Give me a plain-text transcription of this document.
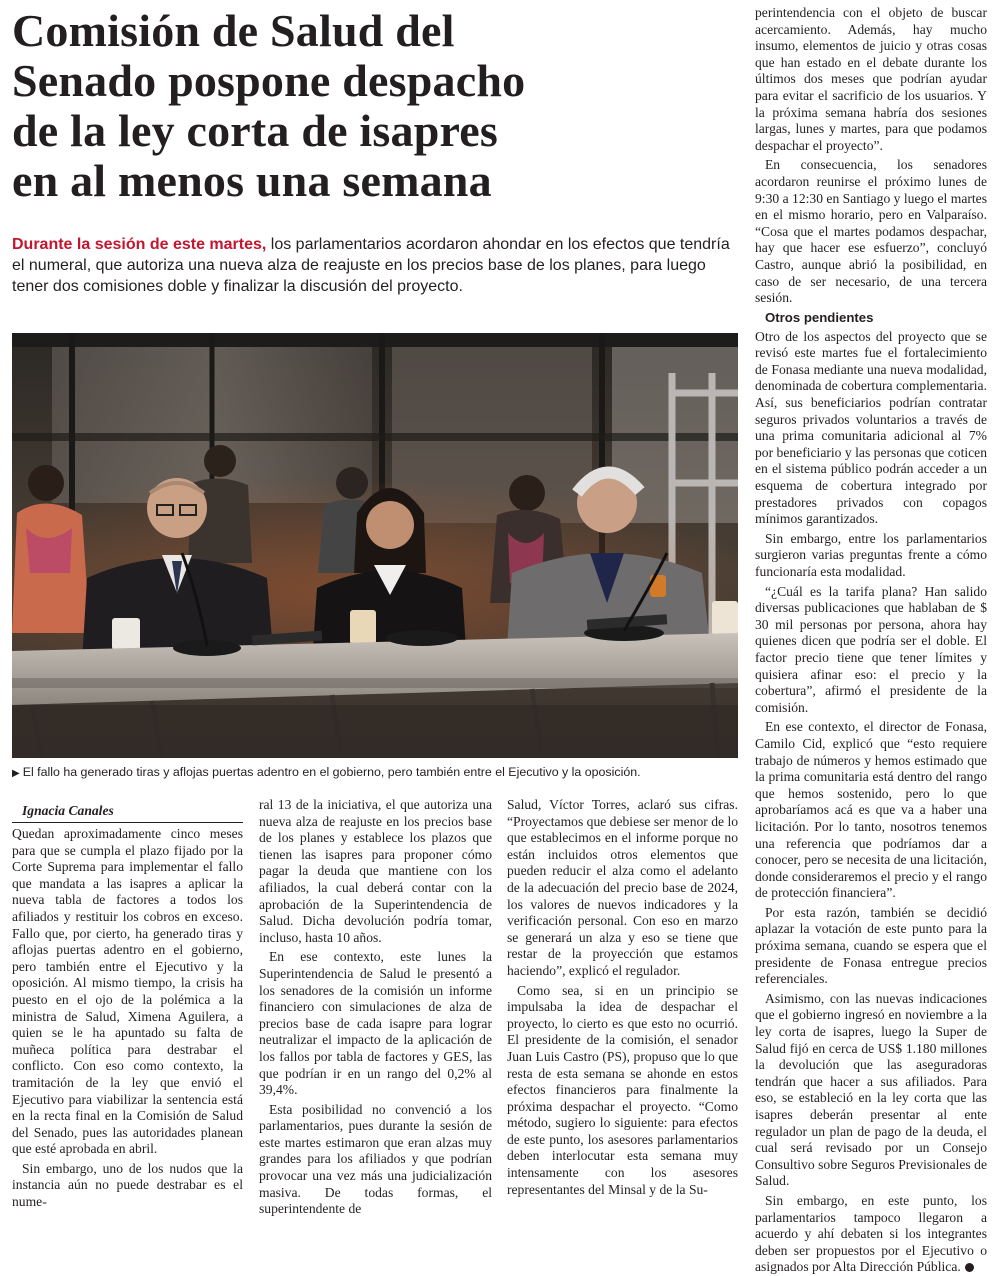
Comisión de Salud del
Senado pospone despacho
de la ley corta de isapres
en al menos una semana

Durante la sesión de este martes, los parlamentarios acordaron ahondar en los efectos que tendría el numeral, que autoriza una nueva alza de reajuste en los precios base de los planes, para luego tener dos comisiones doble y finalizar la discusión del proyecto.

▶ El fallo ha generado tiras y aflojas puertas adentro en el gobierno, pero también entre el Ejecutivo y la oposición.

Ignacia Canales

Quedan aproximadamente cinco meses para que se cumpla el plazo fijado por la Corte Suprema para implementar el fallo que mandata a las isapres a aplicar la nueva tabla de factores a todos los afiliados y restituir los cobros en exceso. Fallo que, por cierto, ha generado tiras y aflojas puertas adentro en el gobierno, pero también entre el Ejecutivo y la oposición. Al mismo tiempo, la crisis ha puesto en el ojo de la polémica a la ministra de Salud, Ximena Aguilera, a quien se le ha apuntado su falta de muñeca política para destrabar el conflicto. Con eso como contexto, la tramitación de la ley que envió el Ejecutivo para viabilizar la sentencia está en la recta final en la Comisión de Salud del Senado, pues las autoridades planean que esté aprobada en abril.

Sin embargo, uno de los nudos que la instancia aún no puede destrabar es el nume-

ral 13 de la iniciativa, el que autoriza una nueva alza de reajuste en los precios base de los planes y establece los plazos que tienen las isapres para proponer cómo pagar la deuda que mantiene con los afiliados, la cual deberá contar con la aprobación de la Superintendencia de Salud. Dicha devolución podría tomar, incluso, hasta 10 años.

En ese contexto, este lunes la Superintendencia de Salud le presentó a los senadores de la comisión un informe financiero con simulaciones de alza de precios base de cada isapre para lograr neutralizar el impacto de la aplicación de los fallos por tabla de factores y GES, las que podrían ir en un rango del 0,2% al 39,4%.

Esta posibilidad no convenció a los parlamentarios, pues durante la sesión de este martes estimaron que eran alzas muy grandes para los afiliados y que podrían provocar una vez más una judicialización masiva. De todas formas, el superintendente de

Salud, Víctor Torres, aclaró sus cifras. “Proyectamos que debiese ser menor de lo que establecimos en el informe porque no están incluidos otros elementos que pueden reducir el alza como el adelanto de la adecuación del precio base de 2024, los valores de nuevos indicadores y la verificación personal. Con eso en marzo se generará un alza y eso se tiene que restar de la proyección que estamos haciendo”, explicó el regulador.

Como sea, si en un principio se impulsaba la idea de despachar el proyecto, lo cierto es que esto no ocurrió. El presidente de la comisión, el senador Juan Luis Castro (PS), propuso que lo que resta de esta semana se ahonde en estos efectos financieros para finalmente la próxima despachar el proyecto. “Como método, sugiero lo siguiente: para efectos de este punto, los asesores parlamentarios deben interlocutar esta semana muy intensamente con los asesores representantes del Minsal y de la Su-

perintendencia con el objeto de buscar acercamiento. Además, hay mucho insumo, elementos de juicio y otras cosas que han estado en el debate durante los últimos dos meses que podrían ayudar para evitar el sacrificio de los usuarios. Y la próxima semana habría dos sesiones largas, lunes y martes, para que podamos despachar el proyecto”.

En consecuencia, los senadores acordaron reunirse el próximo lunes de 9:30 a 12:30 en Santiago y luego el martes en el mismo horario, pero en Valparaíso. “Cosa que el martes podamos despachar, hay que hacer ese esfuerzo”, concluyó Castro, aunque abrió la posibilidad, en caso de ser necesario, de una tercera sesión.

Otros pendientes

Otro de los aspectos del proyecto que se revisó este martes fue el fortalecimiento de Fonasa mediante una nueva modalidad, denominada de cobertura complementaria. Así, sus beneficiarios podrían contratar seguros privados voluntarios a través de una prima comunitaria adicional al 7% por beneficiario y las personas que coticen en el sistema público podrán acceder a un esquema de cobertura integrado por prestadores privados con copagos mínimos garantizados.

Sin embargo, entre los parlamentarios surgieron varias preguntas frente a cómo funcionaría esta modalidad.

“¿Cuál es la tarifa plana? Han salido diversas publicaciones que hablaban de $ 30 mil personas por persona, ahora hay quienes dicen que podría ser el doble. El factor precio tiene que tener límites y quisiera afinar eso: el precio y la cobertura”, afirmó el presidente de la comisión.

En ese contexto, el director de Fonasa, Camilo Cid, explicó que “esto requiere trabajo de números y hemos estimado que la prima comunitaria está dentro del rango que hemos sostenido, pero lo que aprobaríamos acá es que va a haber una licitación. Por lo tanto, nosotros tenemos una referencia que podríamos dar a conocer, pero se necesita de una licitación, donde consideraremos el precio y el rango de protección financiera”.

Por esta razón, también se decidió aplazar la votación de este punto para la próxima semana, cuando se espera que el presidente de Fonasa entregue precios referenciales.

Asimismo, con las nuevas indicaciones que el gobierno ingresó en noviembre a la ley corta de isapres, luego la Super de Salud fijó en cerca de US$ 1.180 millones la devolución que las aseguradoras tendrán que hacer a sus afiliados. Para eso, se estableció en la ley corta que las isapres deberán presentar al ente regulador un plan de pago de la deuda, el cual será revisado por un Consejo Consultivo sobre Seguros Previsionales de Salud.

Sin embargo, en este punto, los parlamentarios tampoco llegaron a acuerdo y ahí debaten si los integrantes deben ser propuestos por el Ejecutivo o asignados por Alta Dirección Pública.
